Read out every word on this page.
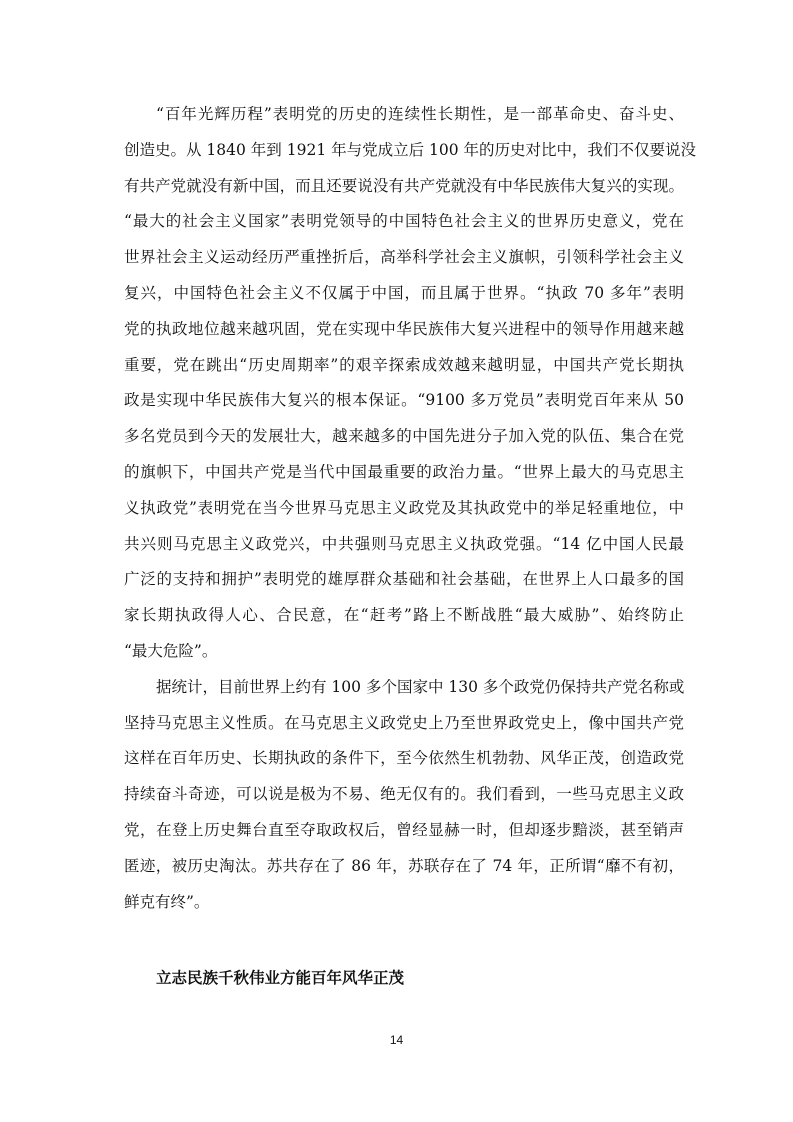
“百年光辉历程”表明党的历史的连续性长期性，是一部革命史、奋斗史、
创造史。从 1840 年到 1921 年与党成立后 100 年的历史对比中，我们不仅要说没
有共产党就没有新中国，而且还要说没有共产党就没有中华民族伟大复兴的实现。
“最大的社会主义国家”表明党领导的中国特色社会主义的世界历史意义，党在
世界社会主义运动经历严重挫折后，高举科学社会主义旗帜，引领科学社会主义
复兴，中国特色社会主义不仅属于中国，而且属于世界。“执政 70 多年”表明
党的执政地位越来越巩固，党在实现中华民族伟大复兴进程中的领导作用越来越
重要，党在跳出“历史周期率”的艰辛探索成效越来越明显，中国共产党长期执
政是实现中华民族伟大复兴的根本保证。“9100 多万党员”表明党百年来从 50
多名党员到今天的发展壮大，越来越多的中国先进分子加入党的队伍、集合在党
的旗帜下，中国共产党是当代中国最重要的政治力量。“世界上最大的马克思主
义执政党”表明党在当今世界马克思主义政党及其执政党中的举足轻重地位，中
共兴则马克思主义政党兴，中共强则马克思主义执政党强。“14 亿中国人民最
广泛的支持和拥护”表明党的雄厚群众基础和社会基础，在世界上人口最多的国
家长期执政得人心、合民意，在“赶考”路上不断战胜“最大威胁”、始终防止
“最大危险”。
据统计，目前世界上约有 100 多个国家中 130 多个政党仍保持共产党名称或
坚持马克思主义性质。在马克思主义政党史上乃至世界政党史上，像中国共产党
这样在百年历史、长期执政的条件下，至今依然生机勃勃、风华正茂，创造政党
持续奋斗奇迹，可以说是极为不易、绝无仅有的。我们看到，一些马克思主义政
党，在登上历史舞台直至夺取政权后，曾经显赫一时，但却逐步黯淡，甚至销声
匿迹，被历史淘汰。苏共存在了 86 年，苏联存在了 74 年，正所谓“靡不有初，
鲜克有终”。
立志民族千秋伟业方能百年风华正茂
14
